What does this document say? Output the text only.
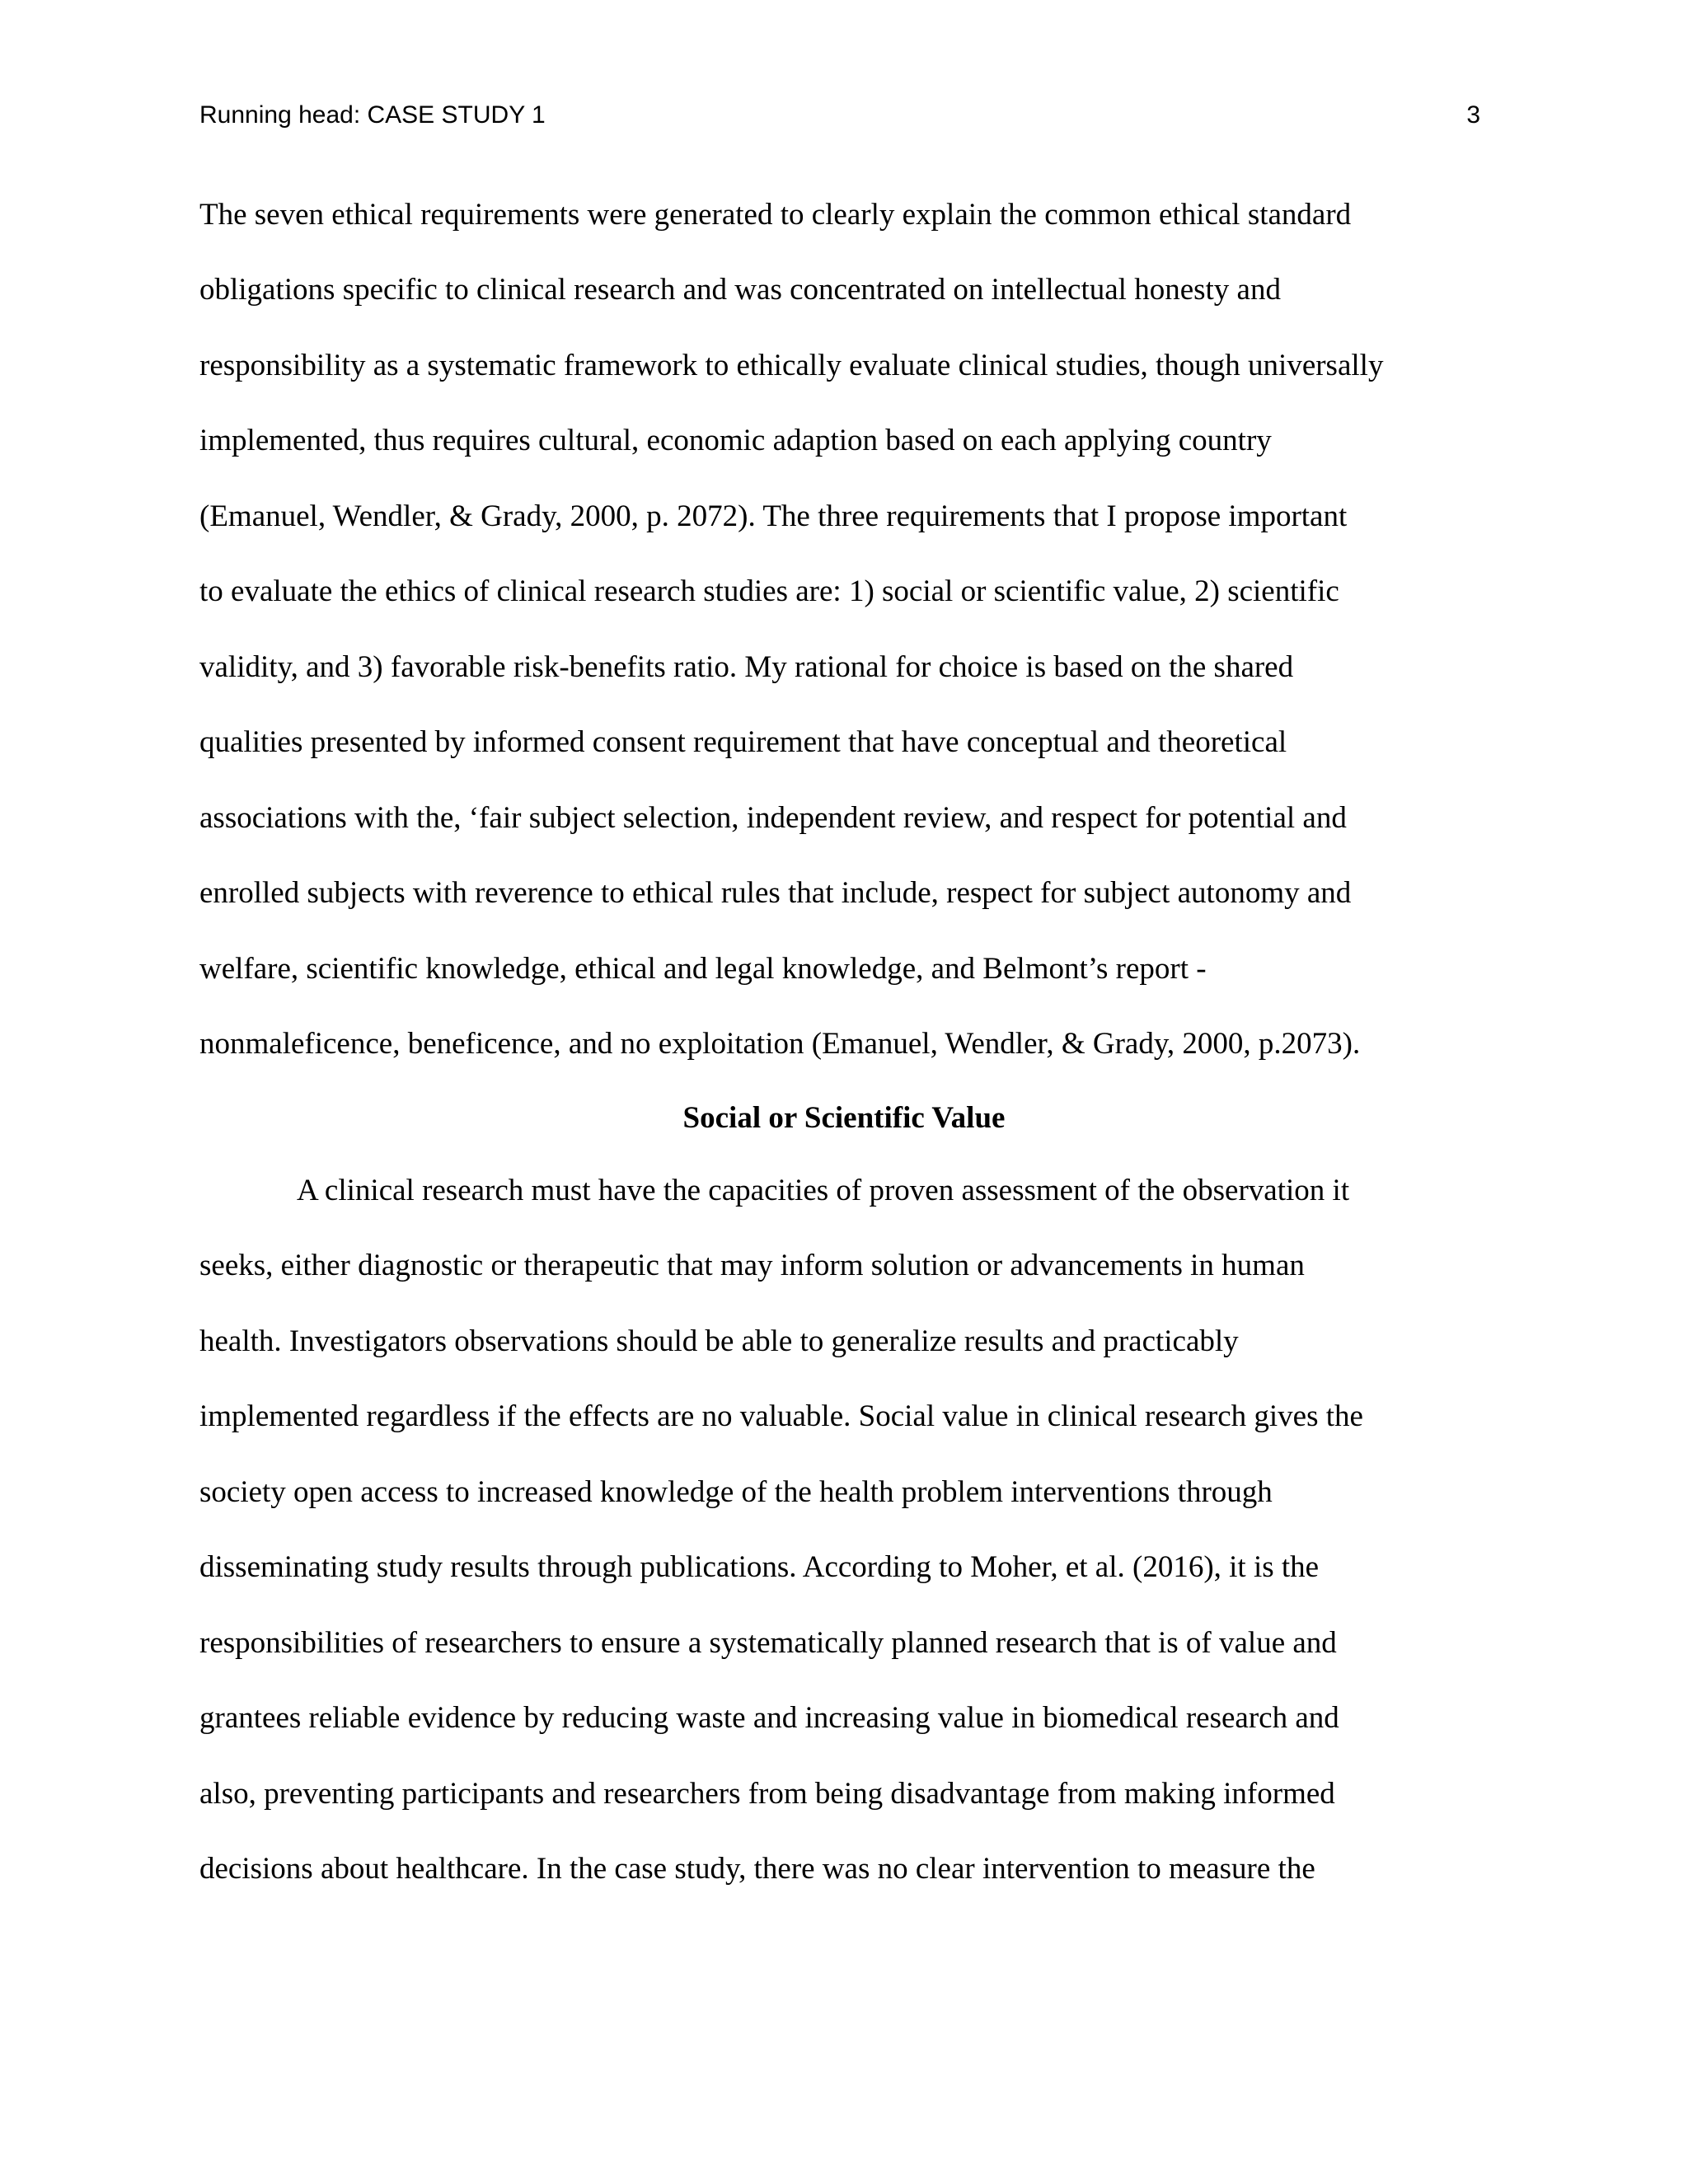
Running head: CASE STUDY 1	3
The seven ethical requirements were generated to clearly explain the common ethical standard
obligations specific to clinical research and was concentrated on intellectual honesty and
responsibility as a systematic framework to ethically evaluate clinical studies, though universally
implemented, thus requires cultural, economic adaption based on each applying country
(Emanuel, Wendler, & Grady, 2000, p. 2072). The three requirements that I propose important
to evaluate the ethics of clinical research studies are: 1) social or scientific value, 2) scientific
validity, and 3) favorable risk-benefits ratio. My rational for choice is based on the shared
qualities presented by informed consent requirement that have conceptual and theoretical
associations with the, ‘fair subject selection, independent review, and respect for potential and
enrolled subjects with reverence to ethical rules that include, respect for subject autonomy and
welfare, scientific knowledge, ethical and legal knowledge, and Belmont’s report -
nonmaleficence, beneficence, and no exploitation (Emanuel, Wendler, & Grady, 2000, p.2073).
Social or Scientific Value
A clinical research must have the capacities of proven assessment of the observation it
seeks, either diagnostic or therapeutic that may inform solution or advancements in human
health. Investigators observations should be able to generalize results and practicably
implemented regardless if the effects are no valuable. Social value in clinical research gives the
society open access to increased knowledge of the health problem interventions through
disseminating study results through publications. According to Moher, et al. (2016), it is the
responsibilities of researchers to ensure a systematically planned research that is of value and
grantees reliable evidence by reducing waste and increasing value in biomedical research and
also, preventing participants and researchers from being disadvantage from making informed
decisions about healthcare. In the case study, there was no clear intervention to measure the
